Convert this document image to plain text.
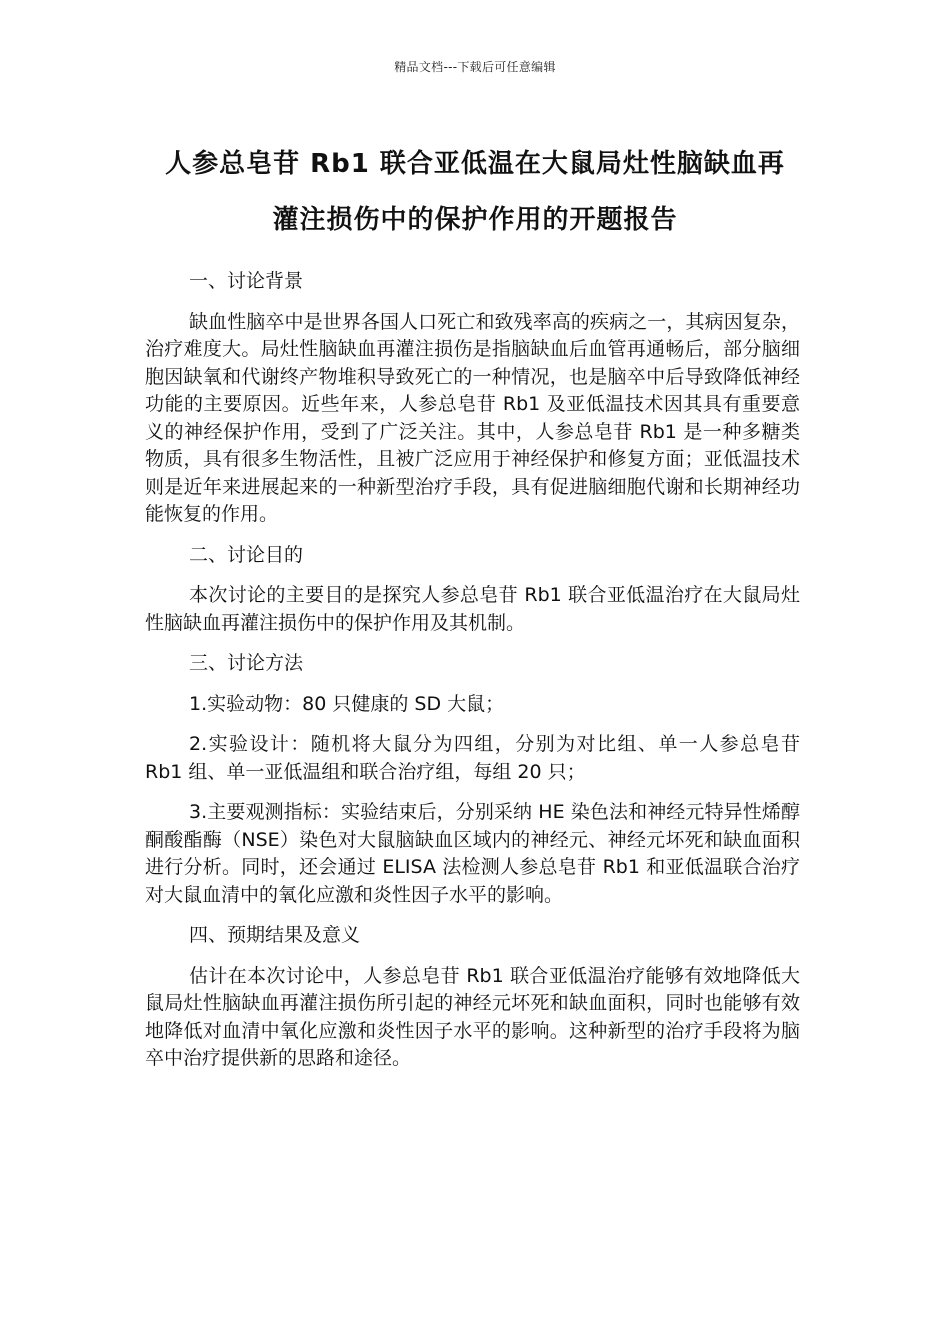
精品文档---下载后可任意编辑
人参总皂苷 Rb1 联合亚低温在大鼠局灶性脑缺血再
灌注损伤中的保护作用的开题报告

一、讨论背景

缺血性脑卒中是世界各国人口死亡和致残率高的疾病之一，其病因复杂，治疗难度大。局灶性脑缺血再灌注损伤是指脑缺血后血管再通畅后，部分脑细胞因缺氧和代谢终产物堆积导致死亡的一种情况，也是脑卒中后导致降低神经功能的主要原因。近些年来，人参总皂苷 Rb1 及亚低温技术因其具有重要意义的神经保护作用，受到了广泛关注。其中，人参总皂苷 Rb1 是一种多糖类物质，具有很多生物活性，且被广泛应用于神经保护和修复方面；亚低温技术则是近年来进展起来的一种新型治疗手段，具有促进脑细胞代谢和长期神经功能恢复的作用。

二、讨论目的

本次讨论的主要目的是探究人参总皂苷 Rb1 联合亚低温治疗在大鼠局灶性脑缺血再灌注损伤中的保护作用及其机制。

三、讨论方法

1.实验动物：80 只健康的 SD 大鼠；

2.实验设计：随机将大鼠分为四组，分别为对比组、单一人参总皂苷 Rb1 组、单一亚低温组和联合治疗组，每组 20 只；

3.主要观测指标：实验结束后，分别采纳 HE 染色法和神经元特异性烯醇酮酸酯酶（NSE）染色对大鼠脑缺血区域内的神经元、神经元坏死和缺血面积进行分析。同时，还会通过 ELISA 法检测人参总皂苷 Rb1 和亚低温联合治疗对大鼠血清中的氧化应激和炎性因子水平的影响。

四、预期结果及意义

估计在本次讨论中，人参总皂苷 Rb1 联合亚低温治疗能够有效地降低大鼠局灶性脑缺血再灌注损伤所引起的神经元坏死和缺血面积，同时也能够有效地降低对血清中氧化应激和炎性因子水平的影响。这种新型的治疗手段将为脑卒中治疗提供新的思路和途径。
